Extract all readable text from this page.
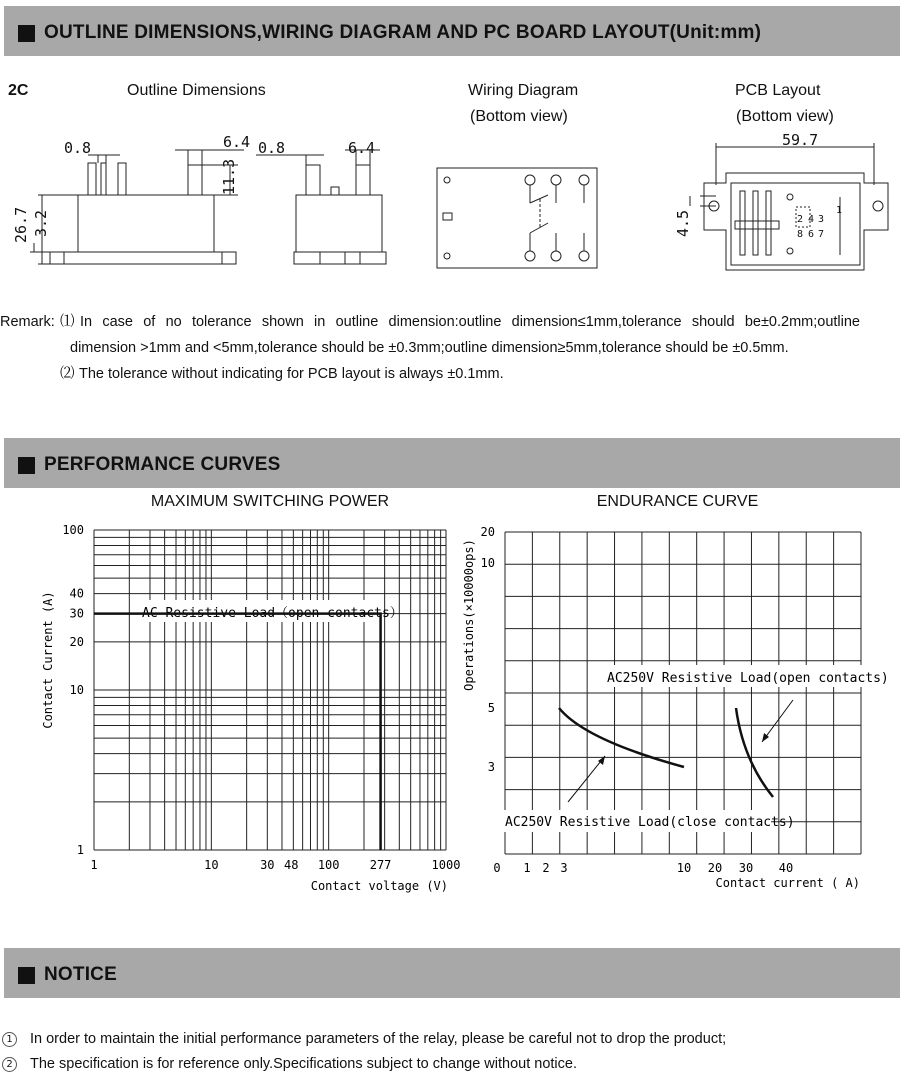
OUTLINE DIMENSIONS,WIRING DIAGRAM AND PC BOARD LAYOUT(Unit:mm)
2C	Outline Dimensions	Wiring Diagram
(Bottom view)
PCB Layout
(Bottom view)
0.8	6.4 0.8	6.4	59.7
11.3
26.7 3.2	4.5	2 4 3
8 6 7
1
Remark: ⑴ In case of no tolerance shown in outline dimension:outline dimension≤1mm,tolerance should be±0.2mm;outline
dimension >1mm and <5mm,tolerance should be ±0.3mm;outline dimension≥5mm,tolerance should be ±0.5mm.
⑵ The tolerance without indicating for PCB layout is always ±0.1mm.
PERFORMANCE CURVES
MAXIMUM SWITCHING POWER	ENDURANCE CURVE
AC Resistive Load（open contacts）
100
40
30
20
10
1
1	10	30 48 100	277	1000
Contact voltage (V)
Contact Current (A)
0 1 2 3	10 20 30 40
20
10
5
3
AC250V Resistive Load(open contacts)
AC250V Resistive Load(close contacts)
Contact current ( A)
Operations(×10000ops)
NOTICE
1 In order to maintain the initial performance parameters of the relay, please be careful not to drop the product;
2 The specification is for reference only.Specifications subject to change without notice.
